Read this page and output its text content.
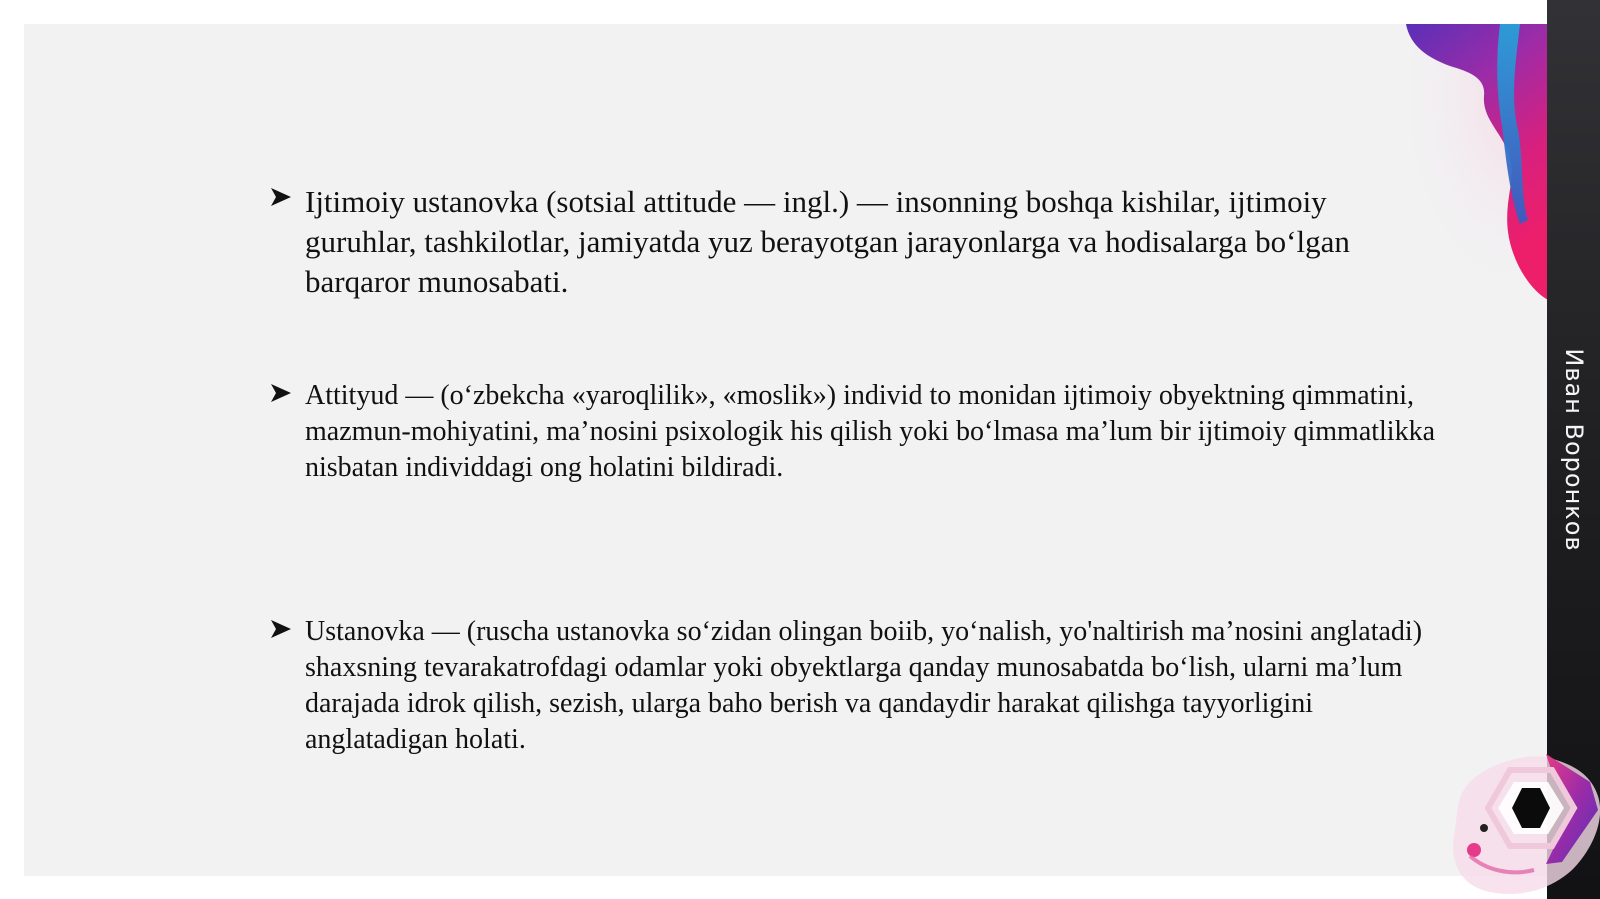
Иван Воронков
Ijtimoiy ustanovka (sotsial attitude — ingl.) — insonning boshqa kishilar, ijtimoiy guruhlar, tashkilotlar, jamiyatda yuz berayotgan jarayonlarga va hodisalarga bo‘lgan barqaror munosabati.
Attityud — (o‘zbekcha «yaroqlilik», «moslik») individ to monidan ijtimoiy obyektning qimmatini, mazmun-mohiyatini, ma’nosini psixologik his qilish yoki bo‘lmasa ma’lum bir ijtimoiy qimmatlikka nisbatan individdagi ong holatini bildiradi.
Ustanovka — (ruscha ustanovka so‘zidan olingan boiib, yo‘nalish, yo'naltirish ma’nosini anglatadi) shaxsning tevarakatrofdagi odamlar yoki obyektlarga qanday munosabatda bo‘lish, ularni ma’lum darajada idrok qilish, sezish, ularga baho berish va qandaydir harakat qilishga tayyorligini anglatadigan holati.
